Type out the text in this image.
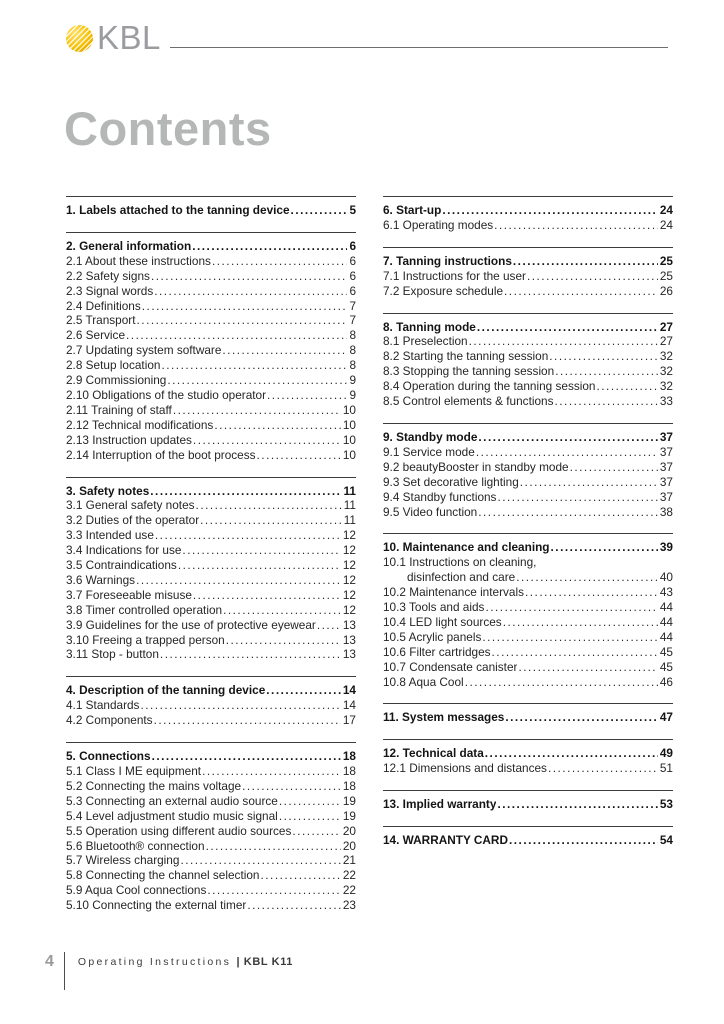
KBL
Contents
1. Labels attached to the tanning device .....	5
2. General information .....	6
2.1 About these instructions .....	6
2.2 Safety signs .....	6
2.3 Signal words .....	6
2.4 Definitions .....	7
2.5 Transport .....	7
2.6 Service .....	8
2.7 Updating system software .....	8
2.8 Setup location .....	8
2.9 Commissioning .....	9
2.10 Obligations of the studio operator .....	9
2.11 Training of staff .....	10
2.12 Technical modifications .....	10
2.13 Instruction updates .....	10
2.14 Interruption of the boot process .....	10
3. Safety notes .....	11
3.1 General safety notes .....	11
3.2 Duties of the operator .....	11
3.3 Intended use .....	12
3.4 Indications for use .....	12
3.5 Contraindications .....	12
3.6 Warnings .....	12
3.7 Foreseeable misuse .....	12
3.8 Timer controlled operation .....	12
3.9 Guidelines for the use of protective eyewear ..... 13
3.10 Freeing a trapped person .....	13
3.11 Stop - button .....	13
4. Description of the tanning device .....	14
4.1 Standards .....	14
4.2 Components .....	17
5. Connections .....	18
5.1 Class I ME equipment .....	18
5.2 Connecting the mains voltage .....	18
5.3 Connecting an external audio source .....	19
5.4 Level adjustment studio music signal .....	19
5.5 Operation using different audio sources .....	20
5.6 Bluetooth® connection .....	20
5.7 Wireless charging .....	21
5.8 Connecting the channel selection .....	22
5.9 Aqua Cool connections .....	22
5.10 Connecting the external timer .....	23
6. Start-up .....	24
6.1 Operating modes .....	24
7. Tanning instructions .....	25
7.1 Instructions for the user .....	25
7.2 Exposure schedule .....	26
8. Tanning mode .....	27
8.1 Preselection .....	27
8.2 Starting the tanning session .....	32
8.3 Stopping the tanning session .....	32
8.4 Operation during the tanning session .....	32
8.5 Control elements & functions .....	33
9. Standby mode .....	37
9.1 Service mode .....	37
9.2 beautyBooster in standby mode .....	37
9.3 Set decorative lighting .....	37
9.4 Standby functions .....	37
9.5 Video function .....	38
10. Maintenance and cleaning .....	39
10.1 Instructions on cleaning,
disinfection and care .....	40
10.2 Maintenance intervals .....	43
10.3 Tools and aids .....	44
10.4 LED light sources .....	44
10.5 Acrylic panels .....	44
10.6 Filter cartridges .....	45
10.7 Condensate canister .....	45
10.8 Aqua Cool .....	46
11. System messages .....	47
12. Technical data .....	49
12.1 Dimensions and distances .....	51
13. Implied warranty .....	53
14. WARRANTY CARD .....	54
4 Operating Instructions | KBL K11
